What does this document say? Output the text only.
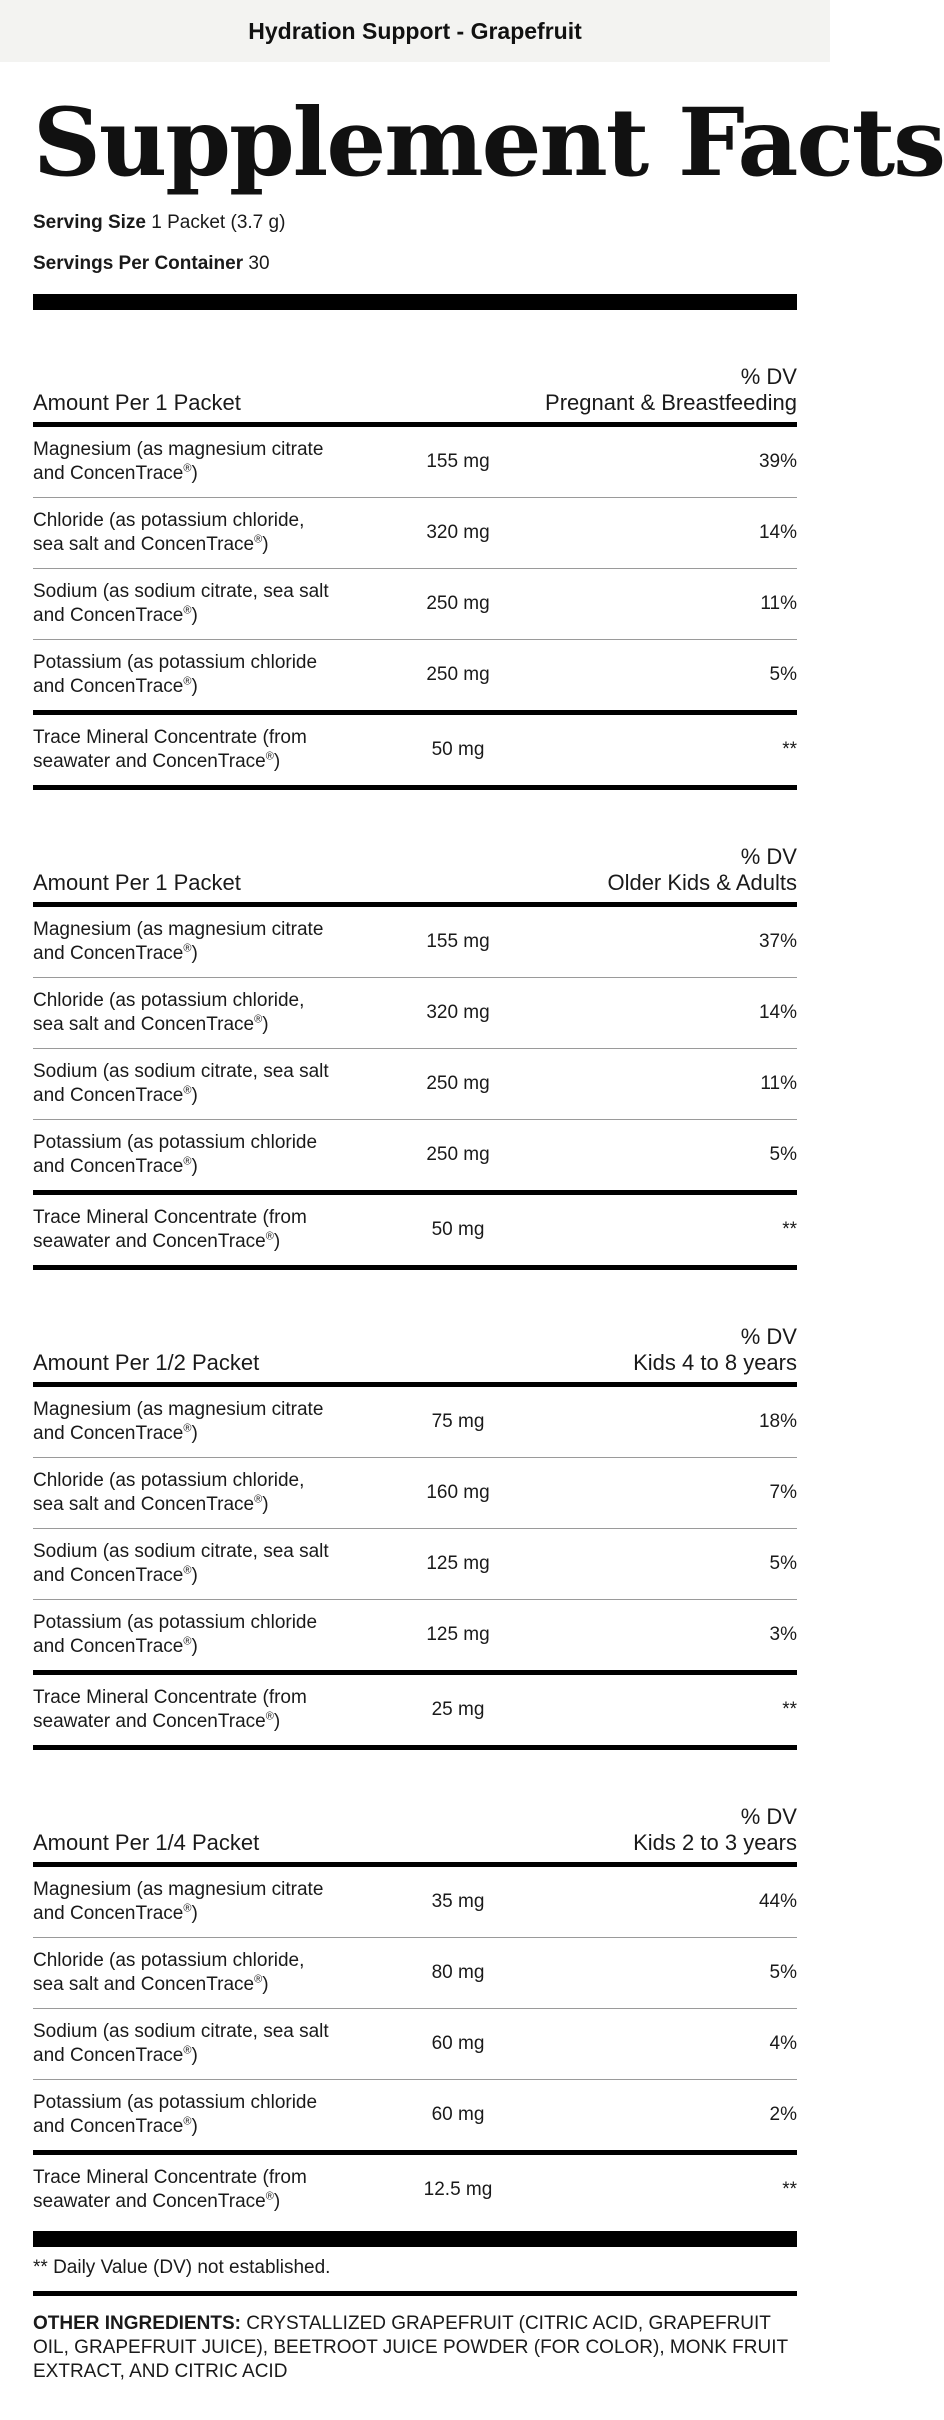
Hydration Support - Grapefruit
Supplement Facts
Serving Size 1 Packet (3.7 g)
Servings Per Container 30
Amount Per 1 Packet
% DV
Pregnant & Breastfeeding
Magnesium (as magnesium citrate
and ConcenTrace®)
155 mg	39%
Chloride (as potassium chloride,
sea salt and ConcenTrace®)
320 mg	14%
Sodium (as sodium citrate, sea salt
and ConcenTrace®)
250 mg	11%
Potassium (as potassium chloride
and ConcenTrace®)
250 mg	5%
Trace Mineral Concentrate (from
seawater and ConcenTrace®)
50 mg	**
Amount Per 1 Packet
% DV
Older Kids & Adults
Magnesium (as magnesium citrate
and ConcenTrace®)
155 mg	37%
Chloride (as potassium chloride,
sea salt and ConcenTrace®)
320 mg	14%
Sodium (as sodium citrate, sea salt
and ConcenTrace®)
250 mg	11%
Potassium (as potassium chloride
and ConcenTrace®)
250 mg	5%
Trace Mineral Concentrate (from
seawater and ConcenTrace®)
50 mg	**
Amount Per 1/2 Packet
% DV
Kids 4 to 8 years
Magnesium (as magnesium citrate
and ConcenTrace®)
75 mg	18%
Chloride (as potassium chloride,
sea salt and ConcenTrace®)
160 mg	7%
Sodium (as sodium citrate, sea salt
and ConcenTrace®)
125 mg	5%
Potassium (as potassium chloride
and ConcenTrace®)
125 mg	3%
Trace Mineral Concentrate (from
seawater and ConcenTrace®)
25 mg	**
Amount Per 1/4 Packet
% DV
Kids 2 to 3 years
Magnesium (as magnesium citrate
and ConcenTrace®)
35 mg	44%
Chloride (as potassium chloride,
sea salt and ConcenTrace®)
80 mg	5%
Sodium (as sodium citrate, sea salt
and ConcenTrace®)
60 mg	4%
Potassium (as potassium chloride
and ConcenTrace®)
60 mg	2%
Trace Mineral Concentrate (from
seawater and ConcenTrace®)
12.5 mg	**
** Daily Value (DV) not established.
OTHER INGREDIENTS: CRYSTALLIZED GRAPEFRUIT (CITRIC ACID, GRAPEFRUIT OIL, GRAPEFRUIT JUICE), BEETROOT JUICE POWDER (FOR COLOR), MONK FRUIT EXTRACT, AND CITRIC ACID
